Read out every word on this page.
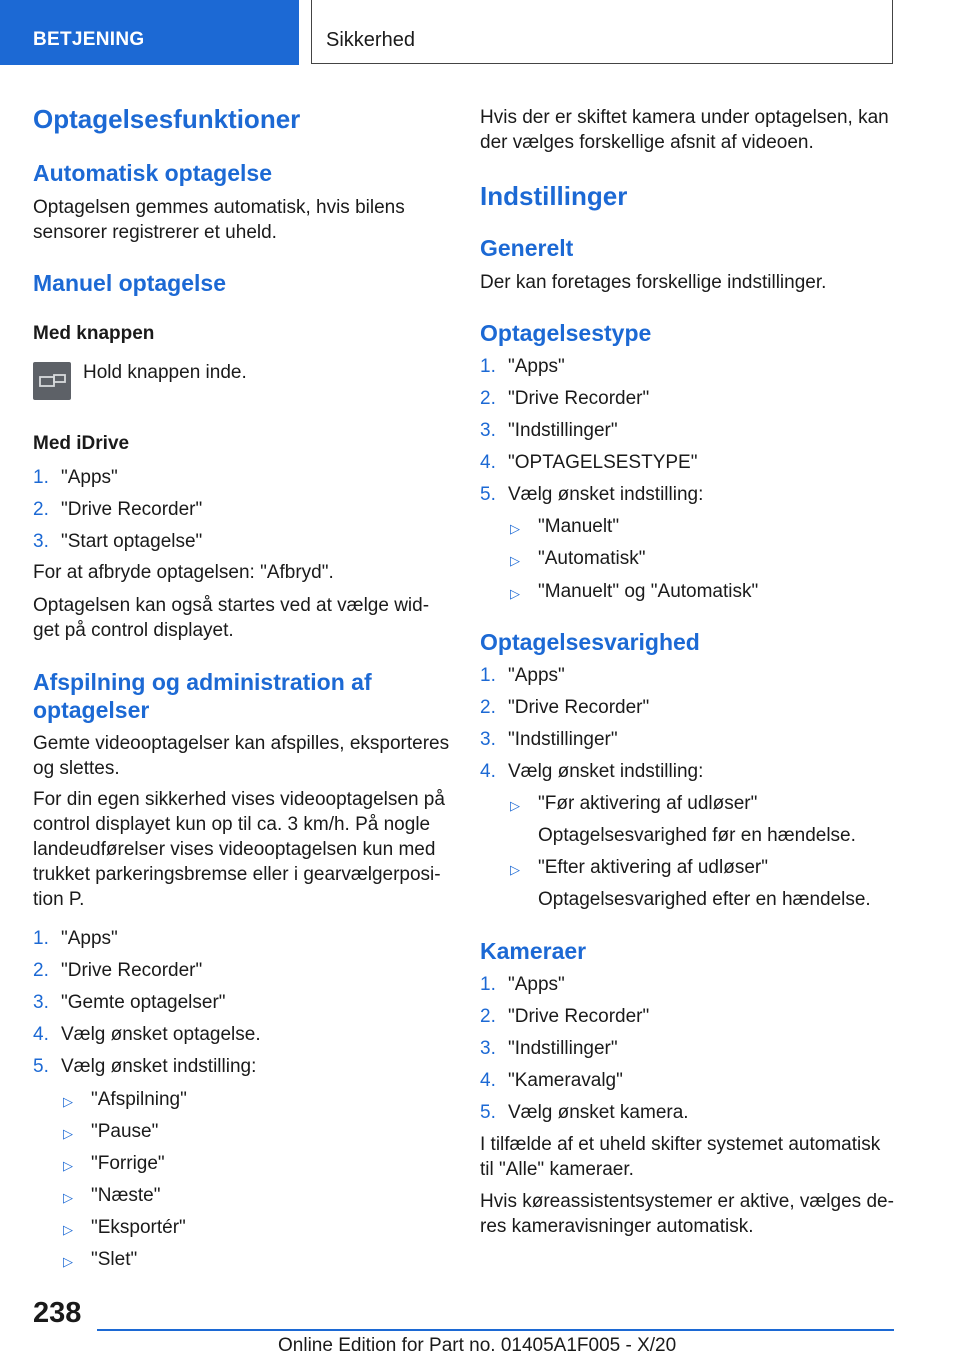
BETJENING	Sikkerhed
Optagelsesfunktioner
Automatisk optagelse
Optagelsen gemmes automatisk, hvis bilens sensorer registrerer et uheld.
Manuel optagelse
Med knappen
Hold knappen inde.
Med iDrive
1. "Apps"
2. "Drive Recorder"
3. "Start optagelse"
For at afbryde optagelsen: "Afbryd".
Optagelsen kan også startes ved at vælge widget på control displayet.
Afspilning og administration af optagelser
Gemte videooptagelser kan afspilles, eksporteres og slettes.
For din egen sikkerhed vises videooptagelsen på control displayet kun op til ca. 3 km/h. På nogle landeudførelser vises videooptagelsen kun med trukket parkeringsbremse eller i gearvælgerposition P.
1. "Apps"
2. "Drive Recorder"
3. "Gemte optagelser"
4. Vælg ønsket optagelse.
5. Vælg ønsket indstilling:
▷ "Afspilning"
▷ "Pause"
▷ "Forrige"
▷ "Næste"
▷ "Eksportér"
▷ "Slet"
Hvis der er skiftet kamera under optagelsen, kan der vælges forskellige afsnit af videoen.
Indstillinger
Generelt
Der kan foretages forskellige indstillinger.
Optagelsestype
1. "Apps"
2. "Drive Recorder"
3. "Indstillinger"
4. "OPTAGELSESTYPE"
5. Vælg ønsket indstilling:
▷ "Manuelt"
▷ "Automatisk"
▷ "Manuelt" og "Automatisk"
Optagelsesvarighed
1. "Apps"
2. "Drive Recorder"
3. "Indstillinger"
4. Vælg ønsket indstilling:
▷ "Før aktivering af udløser"
Optagelsesvarighed før en hændelse.
▷ "Efter aktivering af udløser"
Optagelsesvarighed efter en hændelse.
Kameraer
1. "Apps"
2. "Drive Recorder"
3. "Indstillinger"
4. "Kameravalg"
5. Vælg ønsket kamera.
I tilfælde af et uheld skifter systemet automatisk til "Alle" kameraer.
Hvis køreassistentsystemer er aktive, vælges deres kameravisninger automatisk.
238
Online Edition for Part no. 01405A1F005 - X/20
